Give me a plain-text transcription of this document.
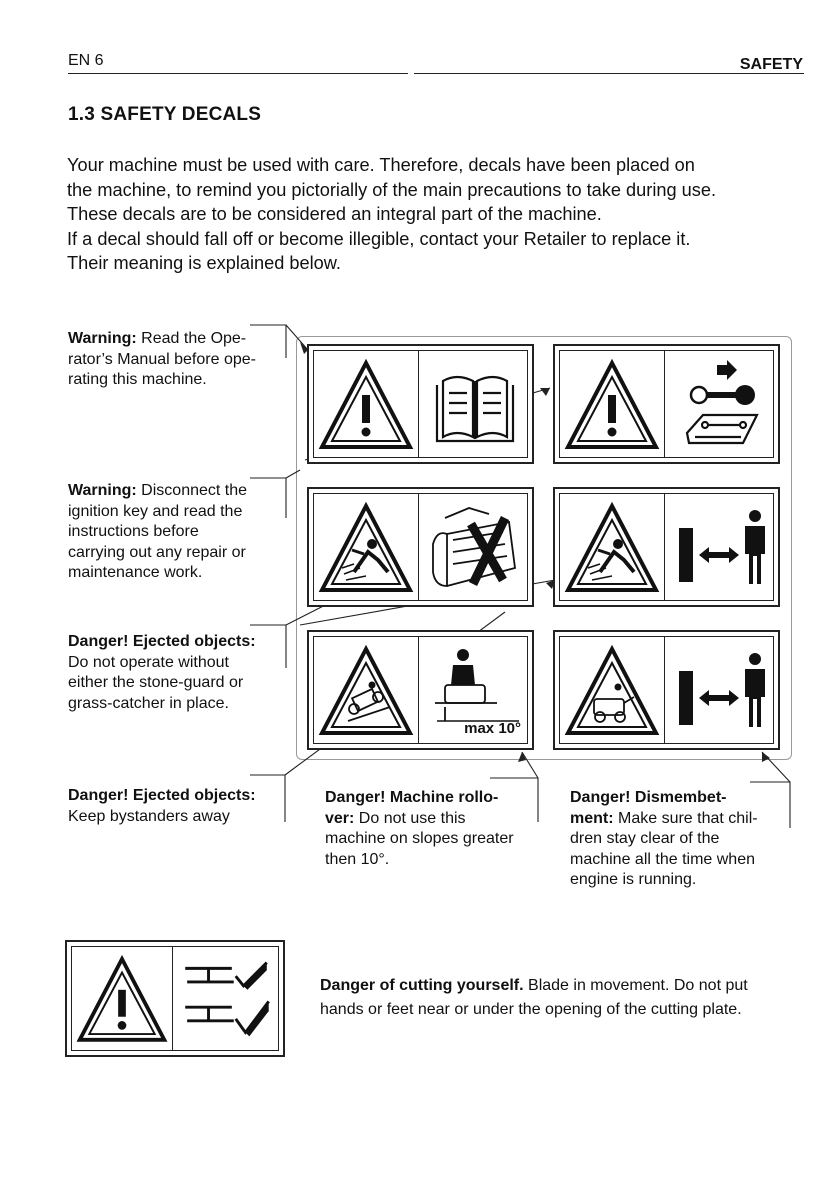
EN 6	SAFETY
1.3 SAFETY DECALS

Your machine must be used with care. Therefore, decals have been placed on

the machine, to remind you pictorially of the main precautions to take during use.

These decals are to be considered an integral part of the machine.

If a decal should fall off or become illegible, contact your Retailer to replace it.

Their meaning is explained below.

max 10°
Warning: Read the Ope-
rator’s Manual before ope-
rating this machine.
Warning: Disconnect the
ignition key and read the
instructions before
carrying out any repair or
maintenance work.
Danger! Ejected objects:
Do not operate without
either the stone-guard or
grass-catcher in place.
Danger! Ejected objects:
Keep bystanders away
Danger! Machine rollo-
ver: Do not use this
machine on slopes greater
then 10°.
Danger! Dismembet-
ment: Make sure that chil-
dren stay clear of the
machine all the time when
engine is running.
Danger of cutting yourself. Blade in movement. Do not put
hands or feet near or under the opening of the cutting plate.
